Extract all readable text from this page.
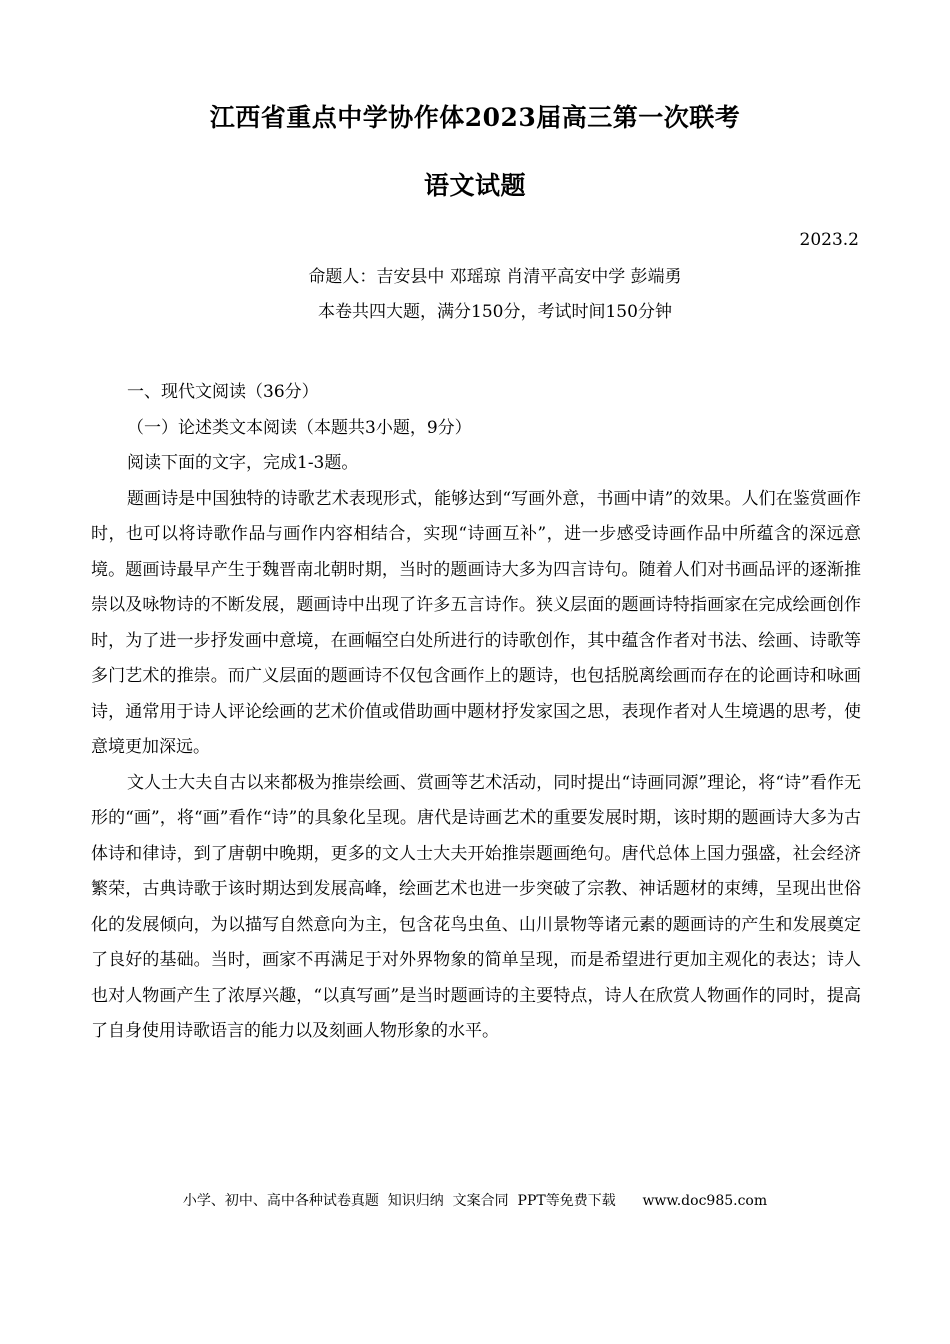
江西省重点中学协作体2023届高三第一次联考
语文试题
2023.2
命题人：吉安县中 邓瑶琼 肖清平高安中学 彭端勇
本卷共四大题，满分150分，考试时间150分钟

一、现代文阅读（36分）

（一）论述类文本阅读（本题共3小题，9分）

阅读下面的文字，完成1-3题。

题画诗是中国独特的诗歌艺术表现形式，能够达到“写画外意，书画中请”的效果。人们在鉴赏画作时，也可以将诗歌作品与画作内容相结合，实现“诗画互补”，进一步感受诗画作品中所蕴含的深远意境。题画诗最早产生于魏晋南北朝时期，当时的题画诗大多为四言诗句。随着人们对书画品评的逐渐推崇以及咏物诗的不断发展，题画诗中出现了许多五言诗作。狭义层面的题画诗特指画家在完成绘画创作时，为了进一步抒发画中意境，在画幅空白处所进行的诗歌创作，其中蕴含作者对书法、绘画、诗歌等多门艺术的推崇。而广义层面的题画诗不仅包含画作上的题诗，也包括脱离绘画而存在的论画诗和咏画诗，通常用于诗人评论绘画的艺术价值或借助画中题材抒发家国之思，表现作者对人生境遇的思考，使意境更加深远。

文人士大夫自古以来都极为推崇绘画、赏画等艺术活动，同时提出“诗画同源”理论，将“诗”看作无形的“画”，将“画”看作“诗”的具象化呈现。唐代是诗画艺术的重要发展时期，该时期的题画诗大多为古体诗和律诗，到了唐朝中晚期，更多的文人士大夫开始推崇题画绝句。唐代总体上国力强盛，社会经济繁荣，古典诗歌于该时期达到发展高峰，绘画艺术也进一步突破了宗教、神话题材的束缚，呈现出世俗化的发展倾向，为以描写自然意向为主，包含花鸟虫鱼、山川景物等诸元素的题画诗的产生和发展奠定了良好的基础。当时，画家不再满足于对外界物象的简单呈现，而是希望进行更加主观化的表达；诗人也对人物画产生了浓厚兴趣，“以真写画”是当时题画诗的主要特点，诗人在欣赏人物画作的同时，提高了自身使用诗歌语言的能力以及刻画人物形象的水平。

小学、初中、高中各种试卷真题  知识归纳  文案合同  PPT等免费下载      www.doc985.com
